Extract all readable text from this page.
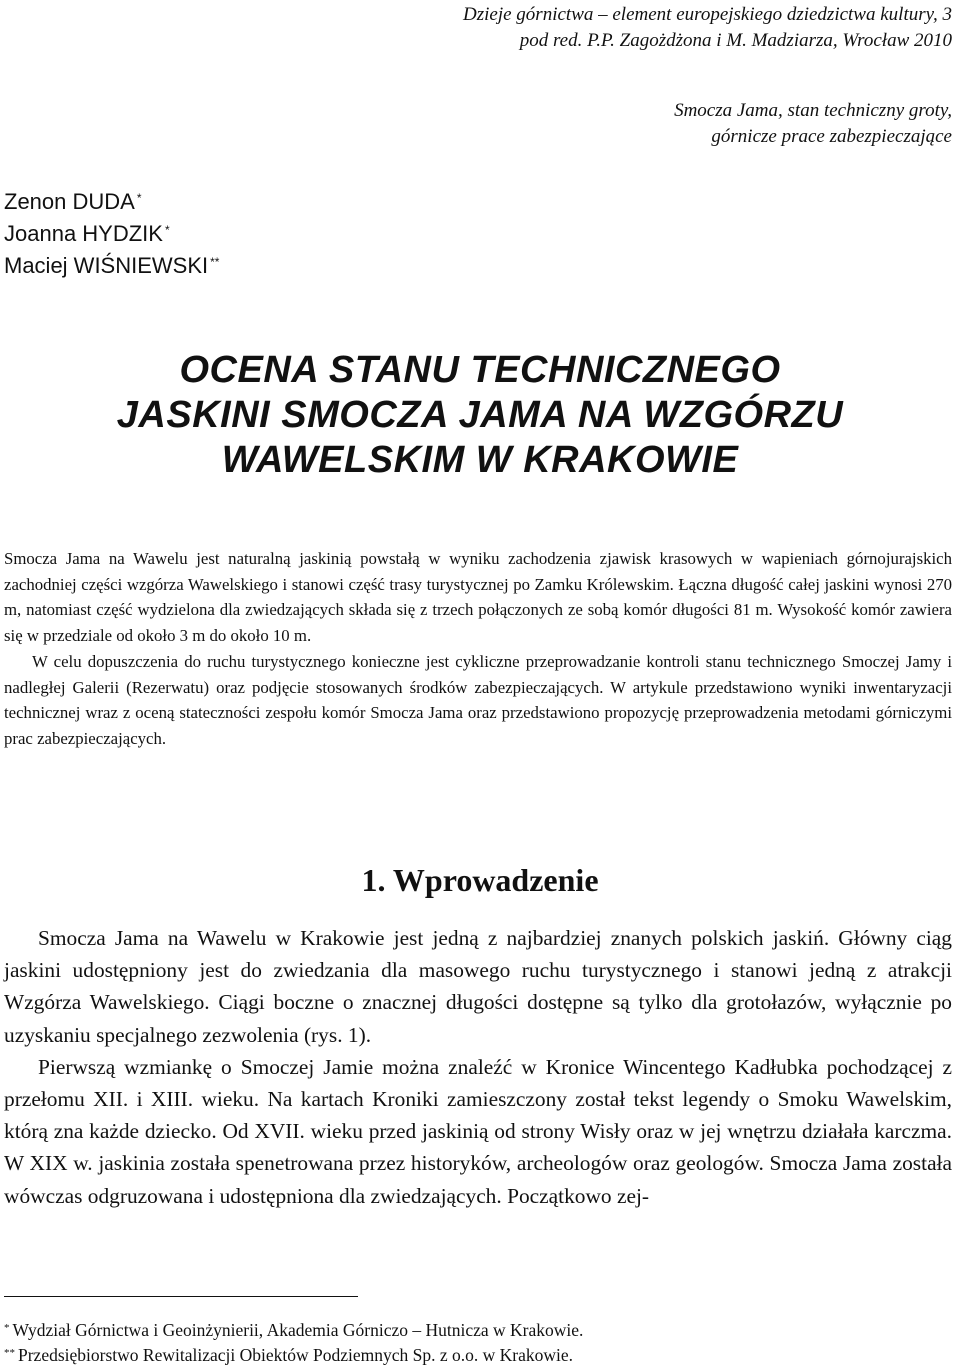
Dzieje górnictwa – element europejskiego dziedzictwa kultury, 3
pod red. P.P. Zagożdżona i M. Madziarza, Wrocław 2010
Smocza Jama, stan techniczny groty,
górnicze prace zabezpieczające
Zenon DUDA *
Joanna HYDZIK *
Maciej WIŚNIEWSKI **
OCENA STANU TECHNICZNEGO
JASKINI SMOCZA JAMA NA WZGÓRZU
WAWELSKIM W KRAKOWIE

Smocza Jama na Wawelu jest naturalną jaskinią powstałą w wyniku zachodzenia zjawisk krasowych w wapieniach górnojurajskich zachodniej części wzgórza Wawelskiego i stanowi część trasy turystycznej po Zamku Królewskim. Łączna długość całej jaskini wynosi 270 m, natomiast część wydzielona dla zwiedzających składa się z trzech połączonych ze sobą komór długości 81 m. Wysokość komór zawiera się w przedziale od około 3 m do około 10 m.

W celu dopuszczenia do ruchu turystycznego konieczne jest cykliczne przeprowadzanie kontroli stanu technicznego Smoczej Jamy i nadległej Galerii (Rezerwatu) oraz podjęcie stosowanych środków zabezpieczających. W artykule przedstawiono wyniki inwentaryzacji technicznej wraz z oceną stateczności zespołu komór Smocza Jama oraz przedstawiono propozycję przeprowadzenia metodami górniczymi prac zabezpieczających.

1. Wprowadzenie

Smocza Jama na Wawelu w Krakowie jest jedną z najbardziej znanych polskich jaskiń. Główny ciąg jaskini udostępniony jest do zwiedzania dla masowego ruchu turystycznego i stanowi jedną z atrakcji Wzgórza Wawelskiego. Ciągi boczne o znacznej długości dostępne są tylko dla grotołazów, wyłącznie po uzyskaniu specjalnego zezwolenia (rys. 1).

Pierwszą wzmiankę o Smoczej Jamie można znaleźć w Kronice Wincentego Kadłubka pochodzącej z przełomu XII. i XIII. wieku. Na kartach Kroniki zamieszczony został tekst legendy o Smoku Wawelskim, którą zna każde dziecko. Od XVII. wieku przed jaskinią od strony Wisły oraz w jej wnętrzu działała karczma. W XIX w. jaskinia została spenetrowana przez historyków, archeologów oraz geologów. Smocza Jama została wówczas odgruzowana i udostępniona dla zwiedzających. Początkowo zej-

* Wydział Górnictwa i Geoinżynierii, Akademia Górniczo – Hutnicza w Krakowie.
** Przedsiębiorstwo Rewitalizacji Obiektów Podziemnych Sp. z o.o. w Krakowie.
